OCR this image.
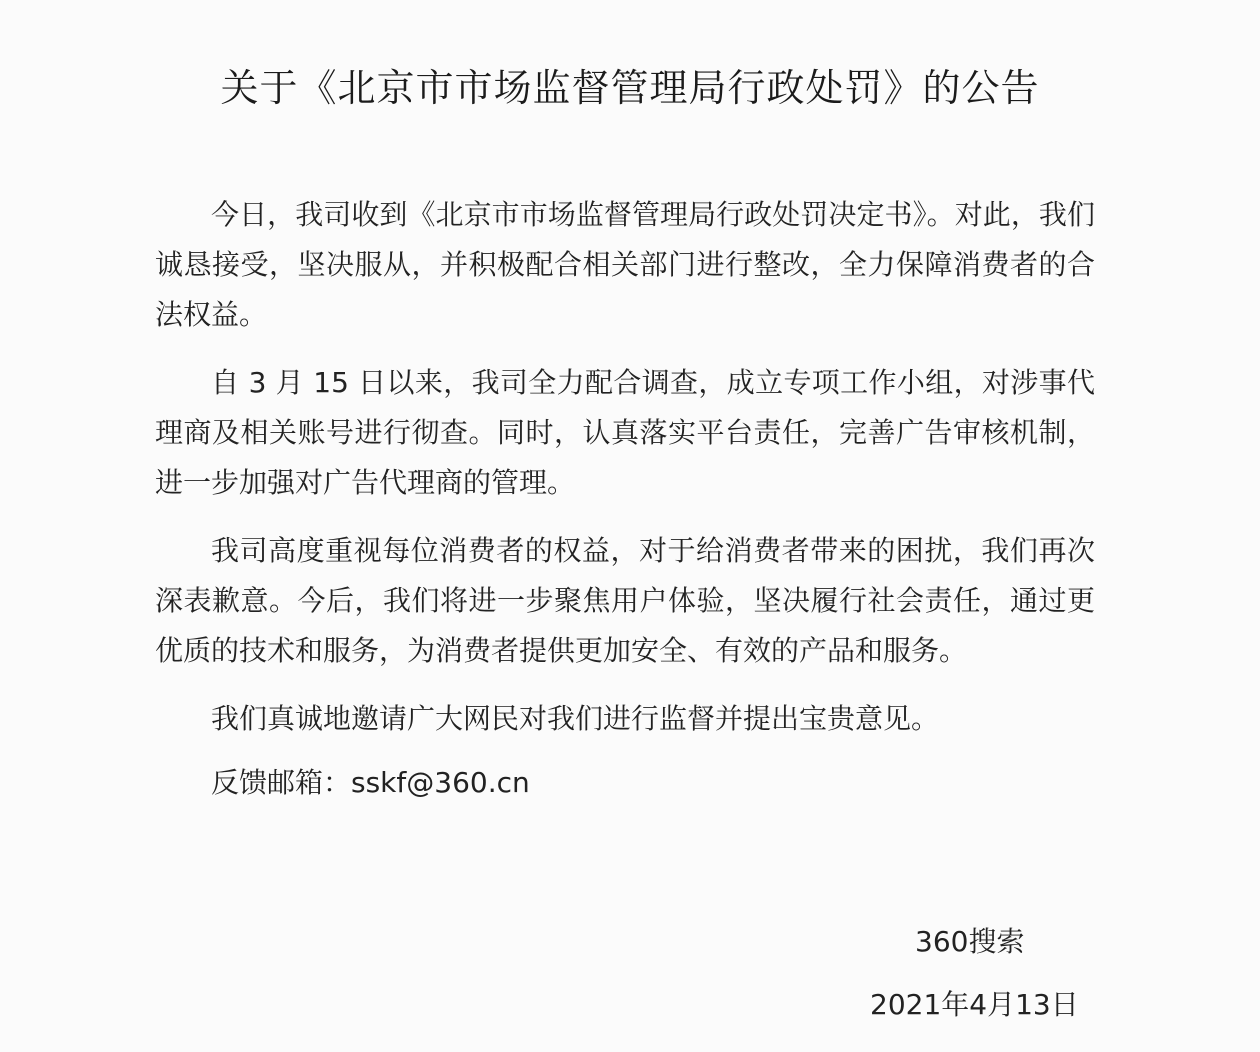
关于《北京市市场监督管理局行政处罚》的公告

今日，我司收到《北京市市场监督管理局行政处罚决定书》。对此，我们诚恳接受，坚决服从，并积极配合相关部门进行整改，全力保障消费者的合法权益。

自 3 月 15 日以来，我司全力配合调查，成立专项工作小组，对涉事代理商及相关账号进行彻查。同时，认真落实平台责任，完善广告审核机制，进一步加强对广告代理商的管理。

我司高度重视每位消费者的权益，对于给消费者带来的困扰，我们再次深表歉意。今后，我们将进一步聚焦用户体验，坚决履行社会责任，通过更优质的技术和服务，为消费者提供更加安全、有效的产品和服务。

我们真诚地邀请广大网民对我们进行监督并提出宝贵意见。

反馈邮箱：sskf@360.cn

360搜索
2021年4月13日
